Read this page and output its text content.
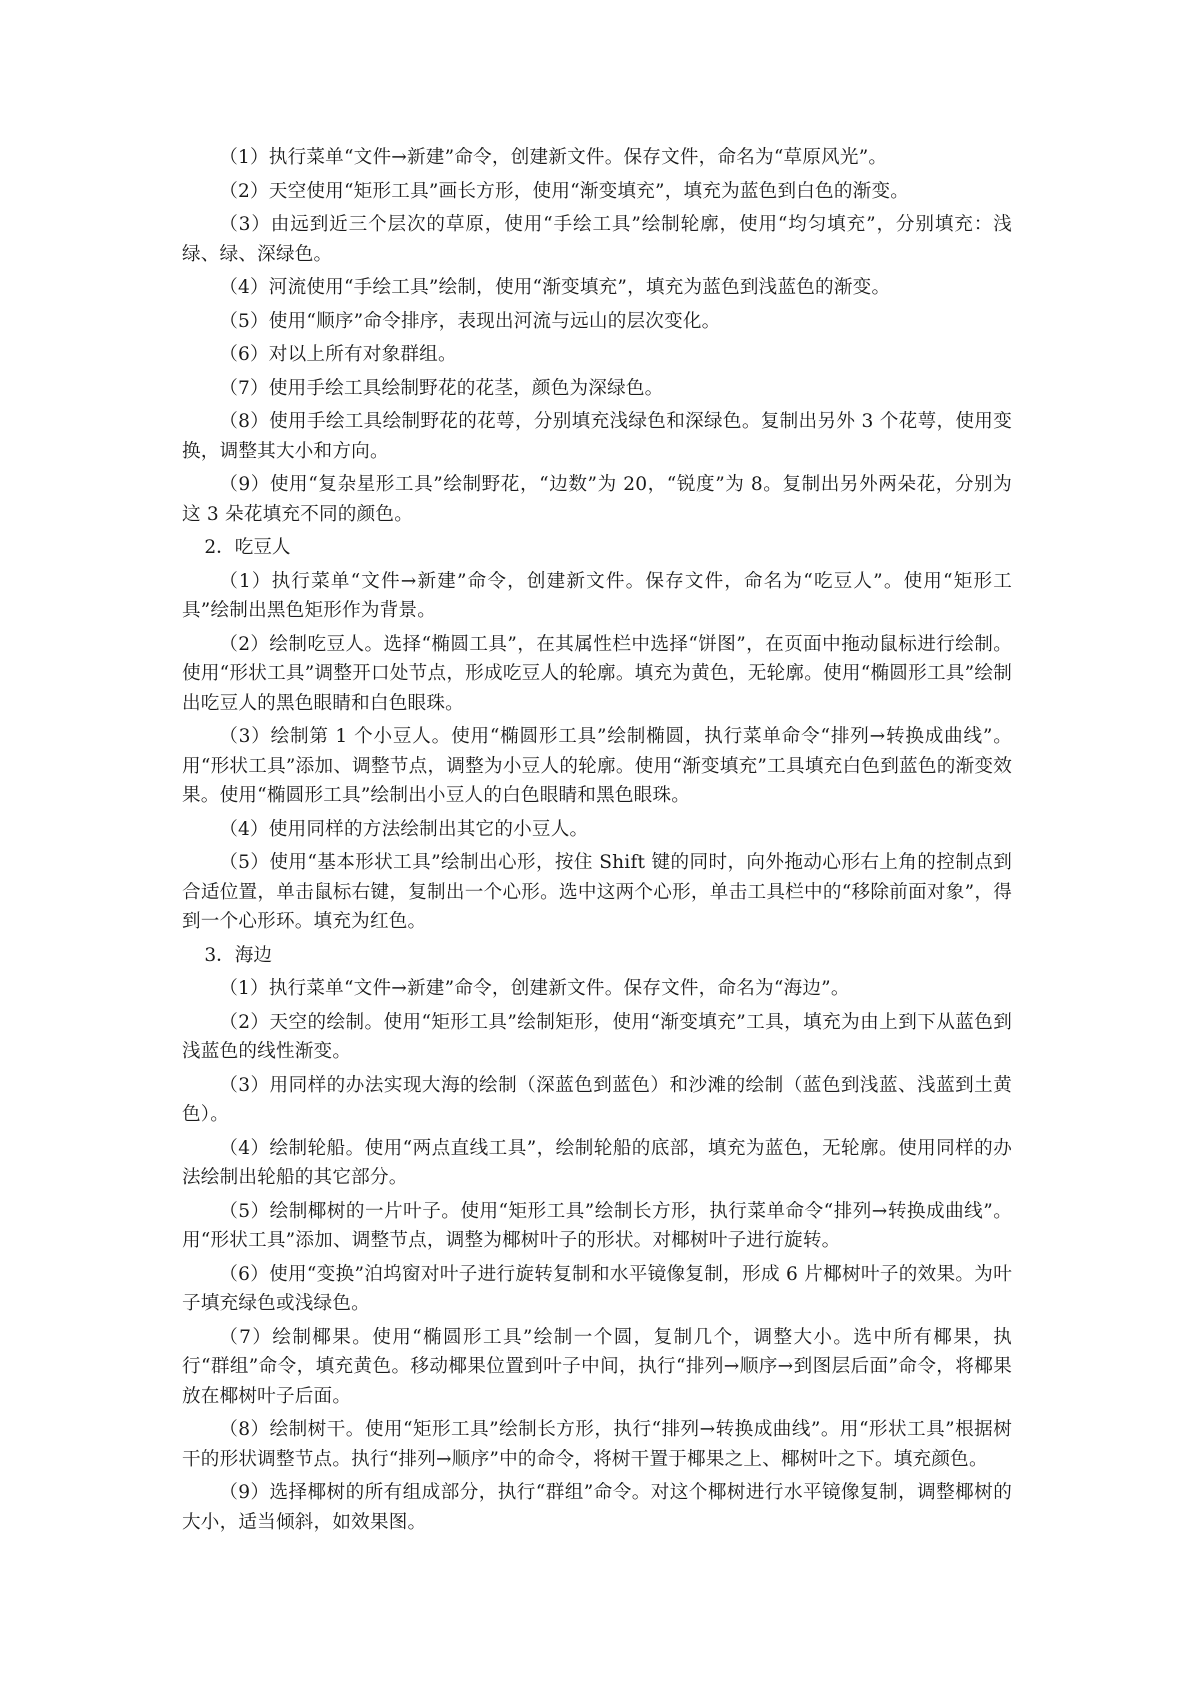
（1）执行菜单“文件→新建”命令，创建新文件。保存文件，命名为“草原风光”。

（2）天空使用“矩形工具”画长方形，使用“渐变填充”，填充为蓝色到白色的渐变。

（3）由远到近三个层次的草原，使用“手绘工具”绘制轮廓，使用“均匀填充”，分别填充：浅绿、绿、深绿色。

（4）河流使用“手绘工具”绘制，使用“渐变填充”，填充为蓝色到浅蓝色的渐变。

（5）使用“顺序”命令排序，表现出河流与远山的层次变化。

（6）对以上所有对象群组。

（7）使用手绘工具绘制野花的花茎，颜色为深绿色。

（8）使用手绘工具绘制野花的花萼，分别填充浅绿色和深绿色。复制出另外 3 个花萼，使用变换，调整其大小和方向。

（9）使用“复杂星形工具”绘制野花，“边数”为 20，“锐度”为 8。复制出另外两朵花，分别为这 3 朵花填充不同的颜色。

2．吃豆人

（1）执行菜单“文件→新建”命令，创建新文件。保存文件，命名为“吃豆人”。使用“矩形工具”绘制出黑色矩形作为背景。

（2）绘制吃豆人。选择“椭圆工具”，在其属性栏中选择“饼图”，在页面中拖动鼠标进行绘制。使用“形状工具”调整开口处节点，形成吃豆人的轮廓。填充为黄色，无轮廓。使用“椭圆形工具”绘制出吃豆人的黑色眼睛和白色眼珠。

（3）绘制第 1 个小豆人。使用“椭圆形工具”绘制椭圆，执行菜单命令“排列→转换成曲线”。用“形状工具”添加、调整节点，调整为小豆人的轮廓。使用“渐变填充”工具填充白色到蓝色的渐变效果。使用“椭圆形工具”绘制出小豆人的白色眼睛和黑色眼珠。

（4）使用同样的方法绘制出其它的小豆人。

（5）使用“基本形状工具”绘制出心形，按住 Shift 键的同时，向外拖动心形右上角的控制点到合适位置，单击鼠标右键，复制出一个心形。选中这两个心形，单击工具栏中的“移除前面对象”，得到一个心形环。填充为红色。

3．海边

（1）执行菜单“文件→新建”命令，创建新文件。保存文件，命名为“海边”。

（2）天空的绘制。使用“矩形工具”绘制矩形，使用“渐变填充”工具，填充为由上到下从蓝色到浅蓝色的线性渐变。

（3）用同样的办法实现大海的绘制（深蓝色到蓝色）和沙滩的绘制（蓝色到浅蓝、浅蓝到土黄色）。

（4）绘制轮船。使用“两点直线工具”，绘制轮船的底部，填充为蓝色，无轮廓。使用同样的办法绘制出轮船的其它部分。

（5）绘制椰树的一片叶子。使用“矩形工具”绘制长方形，执行菜单命令“排列→转换成曲线”。用“形状工具”添加、调整节点，调整为椰树叶子的形状。对椰树叶子进行旋转。

（6）使用“变换”泊坞窗对叶子进行旋转复制和水平镜像复制，形成 6 片椰树叶子的效果。为叶子填充绿色或浅绿色。

（7）绘制椰果。使用“椭圆形工具”绘制一个圆，复制几个，调整大小。选中所有椰果，执行“群组”命令，填充黄色。移动椰果位置到叶子中间，执行“排列→顺序→到图层后面”命令，将椰果放在椰树叶子后面。

（8）绘制树干。使用“矩形工具”绘制长方形，执行“排列→转换成曲线”。用“形状工具”根据树干的形状调整节点。执行“排列→顺序”中的命令，将树干置于椰果之上、椰树叶之下。填充颜色。

（9）选择椰树的所有组成部分，执行“群组”命令。对这个椰树进行水平镜像复制，调整椰树的大小，适当倾斜，如效果图。
